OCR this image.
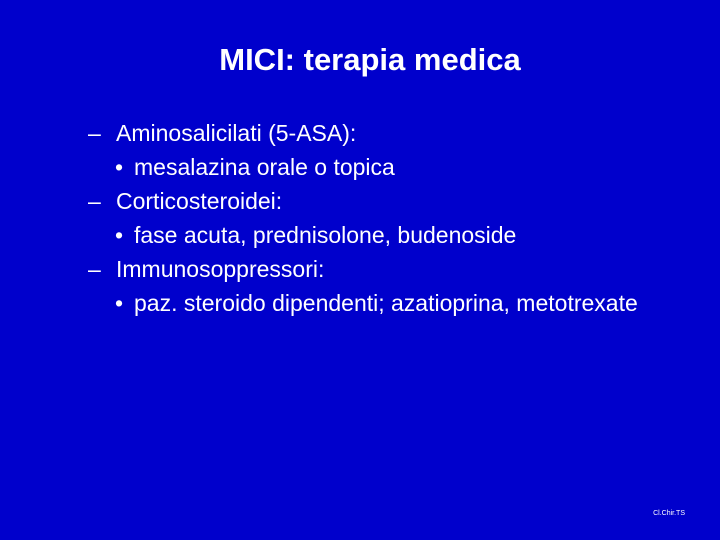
MICI: terapia medica
– Aminosalicilati (5-ASA):
• mesalazina orale o topica
– Corticosteroidei:
• fase acuta, prednisolone, budenoside
– Immunosoppressori:
• paz. steroido dipendenti; azatioprina, metotrexate
Cl.Chir.TS
